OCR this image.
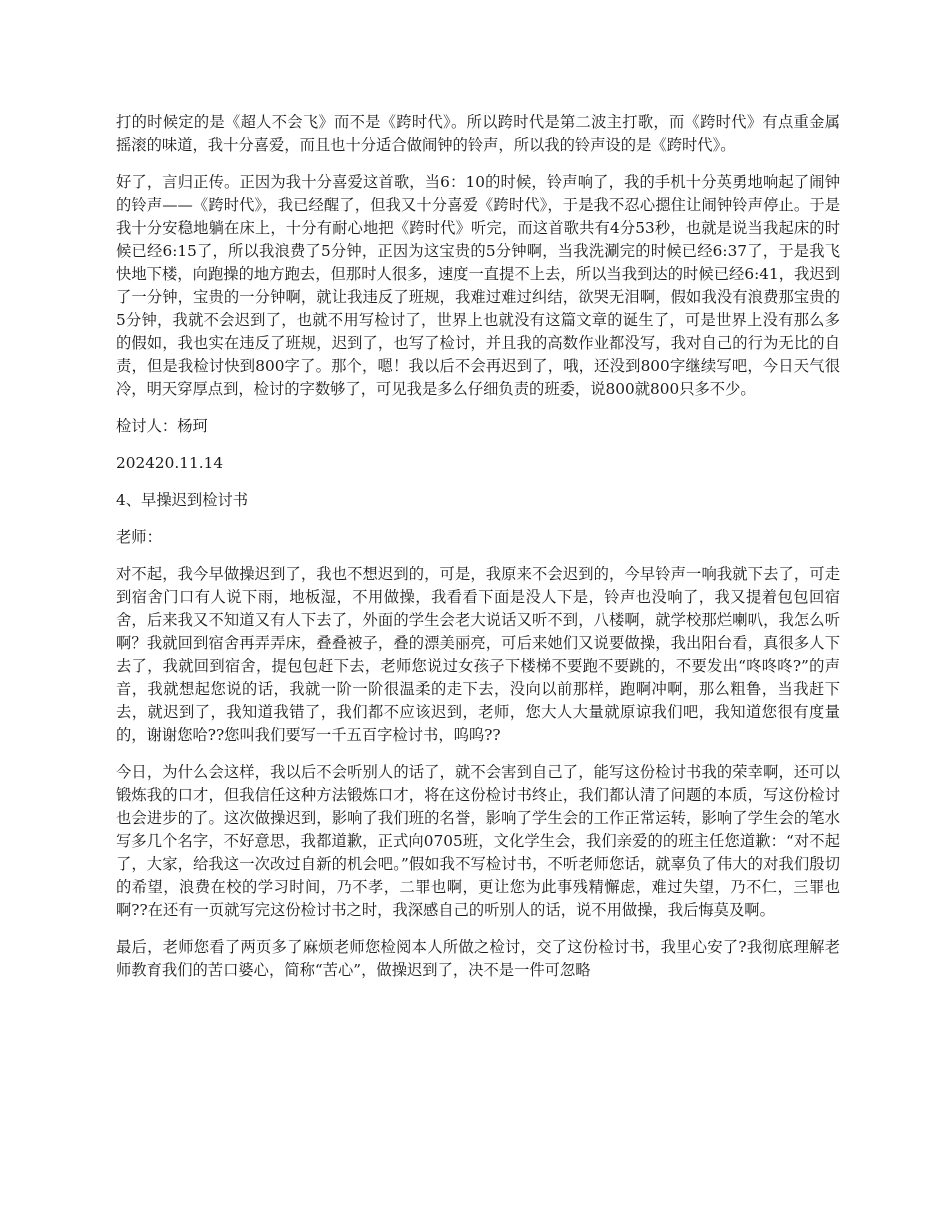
打的时候定的是《超人不会飞》而不是《跨时代》。所以跨时代是第二波主打歌，而《跨时代》有点重金属摇滚的味道，我十分喜爱，而且也十分适合做闹钟的铃声，所以我的铃声设的是《跨时代》。

好了，言归正传。正因为我十分喜爱这首歌，当6：10的时候，铃声响了，我的手机十分英勇地响起了闹钟的铃声——《跨时代》，我已经醒了，但我又十分喜爱《跨时代》，于是我不忍心摁住让闹钟铃声停止。于是我十分安稳地躺在床上，十分有耐心地把《跨时代》听完，而这首歌共有4分53秒，也就是说当我起床的时候已经6:15了，所以我浪费了5分钟，正因为这宝贵的5分钟啊，当我洗涮完的时候已经6:37了，于是我飞快地下楼，向跑操的地方跑去，但那时人很多，速度一直提不上去，所以当我到达的时候已经6:41，我迟到了一分钟，宝贵的一分钟啊，就让我违反了班规，我难过难过纠结，欲哭无泪啊，假如我没有浪费那宝贵的5分钟，我就不会迟到了，也就不用写检讨了，世界上也就没有这篇文章的诞生了，可是世界上没有那么多的假如，我也实在违反了班规，迟到了，也写了检讨，并且我的高数作业都没写，我对自己的行为无比的自责，但是我检讨快到800字了。那个，嗯！我以后不会再迟到了，哦，还没到800字继续写吧，今日天气很冷，明天穿厚点到，检讨的字数够了，可见我是多么仔细负责的班委，说800就800只多不少。

检讨人：杨珂

202420.11.14

4、早操迟到检讨书

老师：

对不起，我今早做操迟到了，我也不想迟到的，可是，我原来不会迟到的，今早铃声一响我就下去了，可走到宿舍门口有人说下雨，地板湿，不用做操，我看看下面是没人下是，铃声也没响了，我又提着包包回宿舍，后来我又不知道又有人下去了，外面的学生会老大说话又听不到，八楼啊，就学校那烂喇叭，我怎么听啊？我就回到宿舍再弄弄床，叠叠被子，叠的漂美丽亮，可后来她们又说要做操，我出阳台看，真很多人下去了，我就回到宿舍，提包包赶下去，老师您说过女孩子下楼梯不要跑不要跳的，不要发出“咚咚咚?”的声音，我就想起您说的话，我就一阶一阶很温柔的走下去，没向以前那样，跑啊冲啊，那么粗鲁，当我赶下去，就迟到了，我知道我错了，我们都不应该迟到，老师，您大人大量就原谅我们吧，我知道您很有度量的，谢谢您哈??您叫我们要写一千五百字检讨书，呜呜??

今日，为什么会这样，我以后不会听别人的话了，就不会害到自己了，能写这份检讨书我的荣幸啊，还可以锻炼我的口才，但我信任这种方法锻炼口才，将在这份检讨书终止，我们都认清了问题的本质，写这份检讨也会进步的了。这次做操迟到，影响了我们班的名誉，影响了学生会的工作正常运转，影响了学生会的笔水写多几个名字，不好意思，我都道歉，正式向0705班，文化学生会，我们亲爱的的班主任您道歉：“对不起了，大家，给我这一次改过自新的机会吧。”假如我不写检讨书，不听老师您话，就辜负了伟大的对我们殷切的希望，浪费在校的学习时间，乃不孝，二罪也啊，更让您为此事残精懈虑，难过失望，乃不仁，三罪也啊??在还有一页就写完这份检讨书之时，我深感自己的听别人的话，说不用做操，我后悔莫及啊。

最后，老师您看了两页多了麻烦老师您检阅本人所做之检讨，交了这份检讨书，我里心安了?我彻底理解老师教育我们的苦口婆心，简称“苦心”，做操迟到了，决不是一件可忽略
